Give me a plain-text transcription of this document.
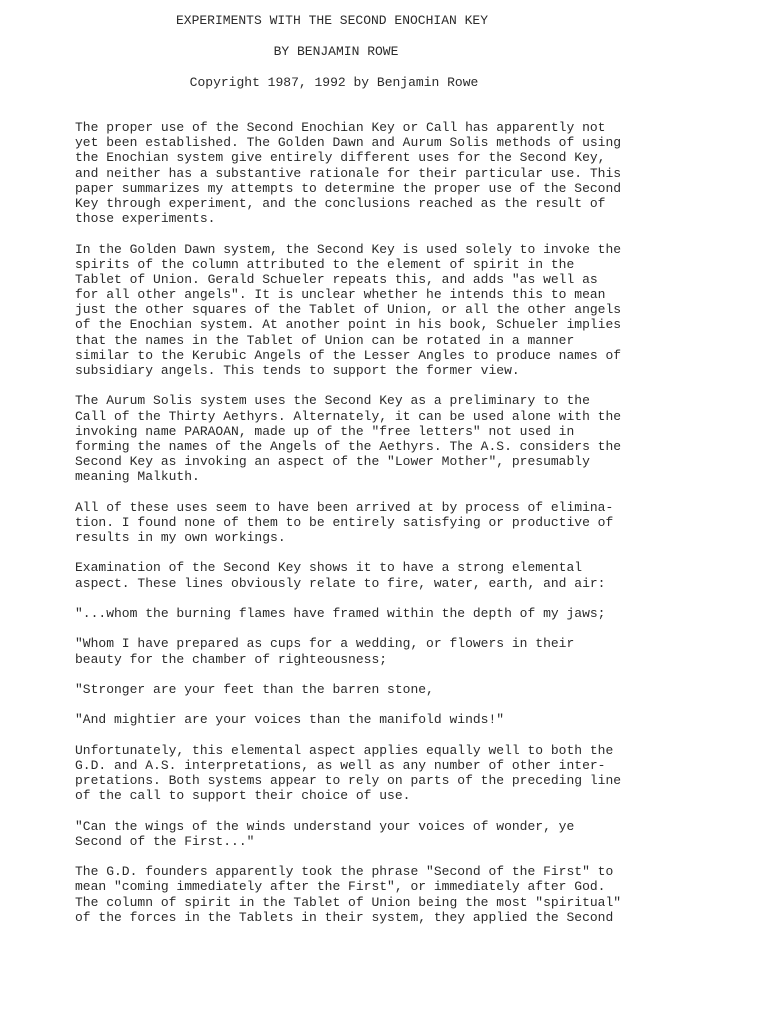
EXPERIMENTS WITH THE SECOND ENOCHIAN KEY
BY BENJAMIN ROWE
Copyright 1987, 1992 by Benjamin Rowe
The proper use of the Second Enochian Key or Call has apparently not
yet been established. The Golden Dawn and Aurum Solis methods of using
the Enochian system give entirely different uses for the Second Key,
and neither has a substantive rationale for their particular use. This
paper summarizes my attempts to determine the proper use of the Second
Key through experiment, and the conclusions reached as the result of
those experiments.
In the Golden Dawn system, the Second Key is used solely to invoke the
spirits of the column attributed to the element of spirit in the
Tablet of Union. Gerald Schueler repeats this, and adds "as well as
for all other angels". It is unclear whether he intends this to mean
just the other squares of the Tablet of Union, or all the other angels
of the Enochian system. At another point in his book, Schueler implies
that the names in the Tablet of Union can be rotated in a manner
similar to the Kerubic Angels of the Lesser Angles to produce names of
subsidiary angels. This tends to support the former view.
The Aurum Solis system uses the Second Key as a preliminary to the
Call of the Thirty Aethyrs. Alternately, it can be used alone with the
invoking name PARAOAN, made up of the "free letters" not used in
forming the names of the Angels of the Aethyrs. The A.S. considers the
Second Key as invoking an aspect of the "Lower Mother", presumably
meaning Malkuth.
All of these uses seem to have been arrived at by process of elimina-
tion. I found none of them to be entirely satisfying or productive of
results in my own workings.
Examination of the Second Key shows it to have a strong elemental
aspect. These lines obviously relate to fire, water, earth, and air:
"...whom the burning flames have framed within the depth of my jaws;
"Whom I have prepared as cups for a wedding, or flowers in their
beauty for the chamber of righteousness;
"Stronger are your feet than the barren stone,
"And mightier are your voices than the manifold winds!"
Unfortunately, this elemental aspect applies equally well to both the
G.D. and A.S. interpretations, as well as any number of other inter-
pretations. Both systems appear to rely on parts of the preceding line
of the call to support their choice of use.
"Can the wings of the winds understand your voices of wonder, ye
Second of the First..."
The G.D. founders apparently took the phrase "Second of the First" to
mean "coming immediately after the First", or immediately after God.
The column of spirit in the Tablet of Union being the most "spiritual"
of the forces in the Tablets in their system, they applied the Second
